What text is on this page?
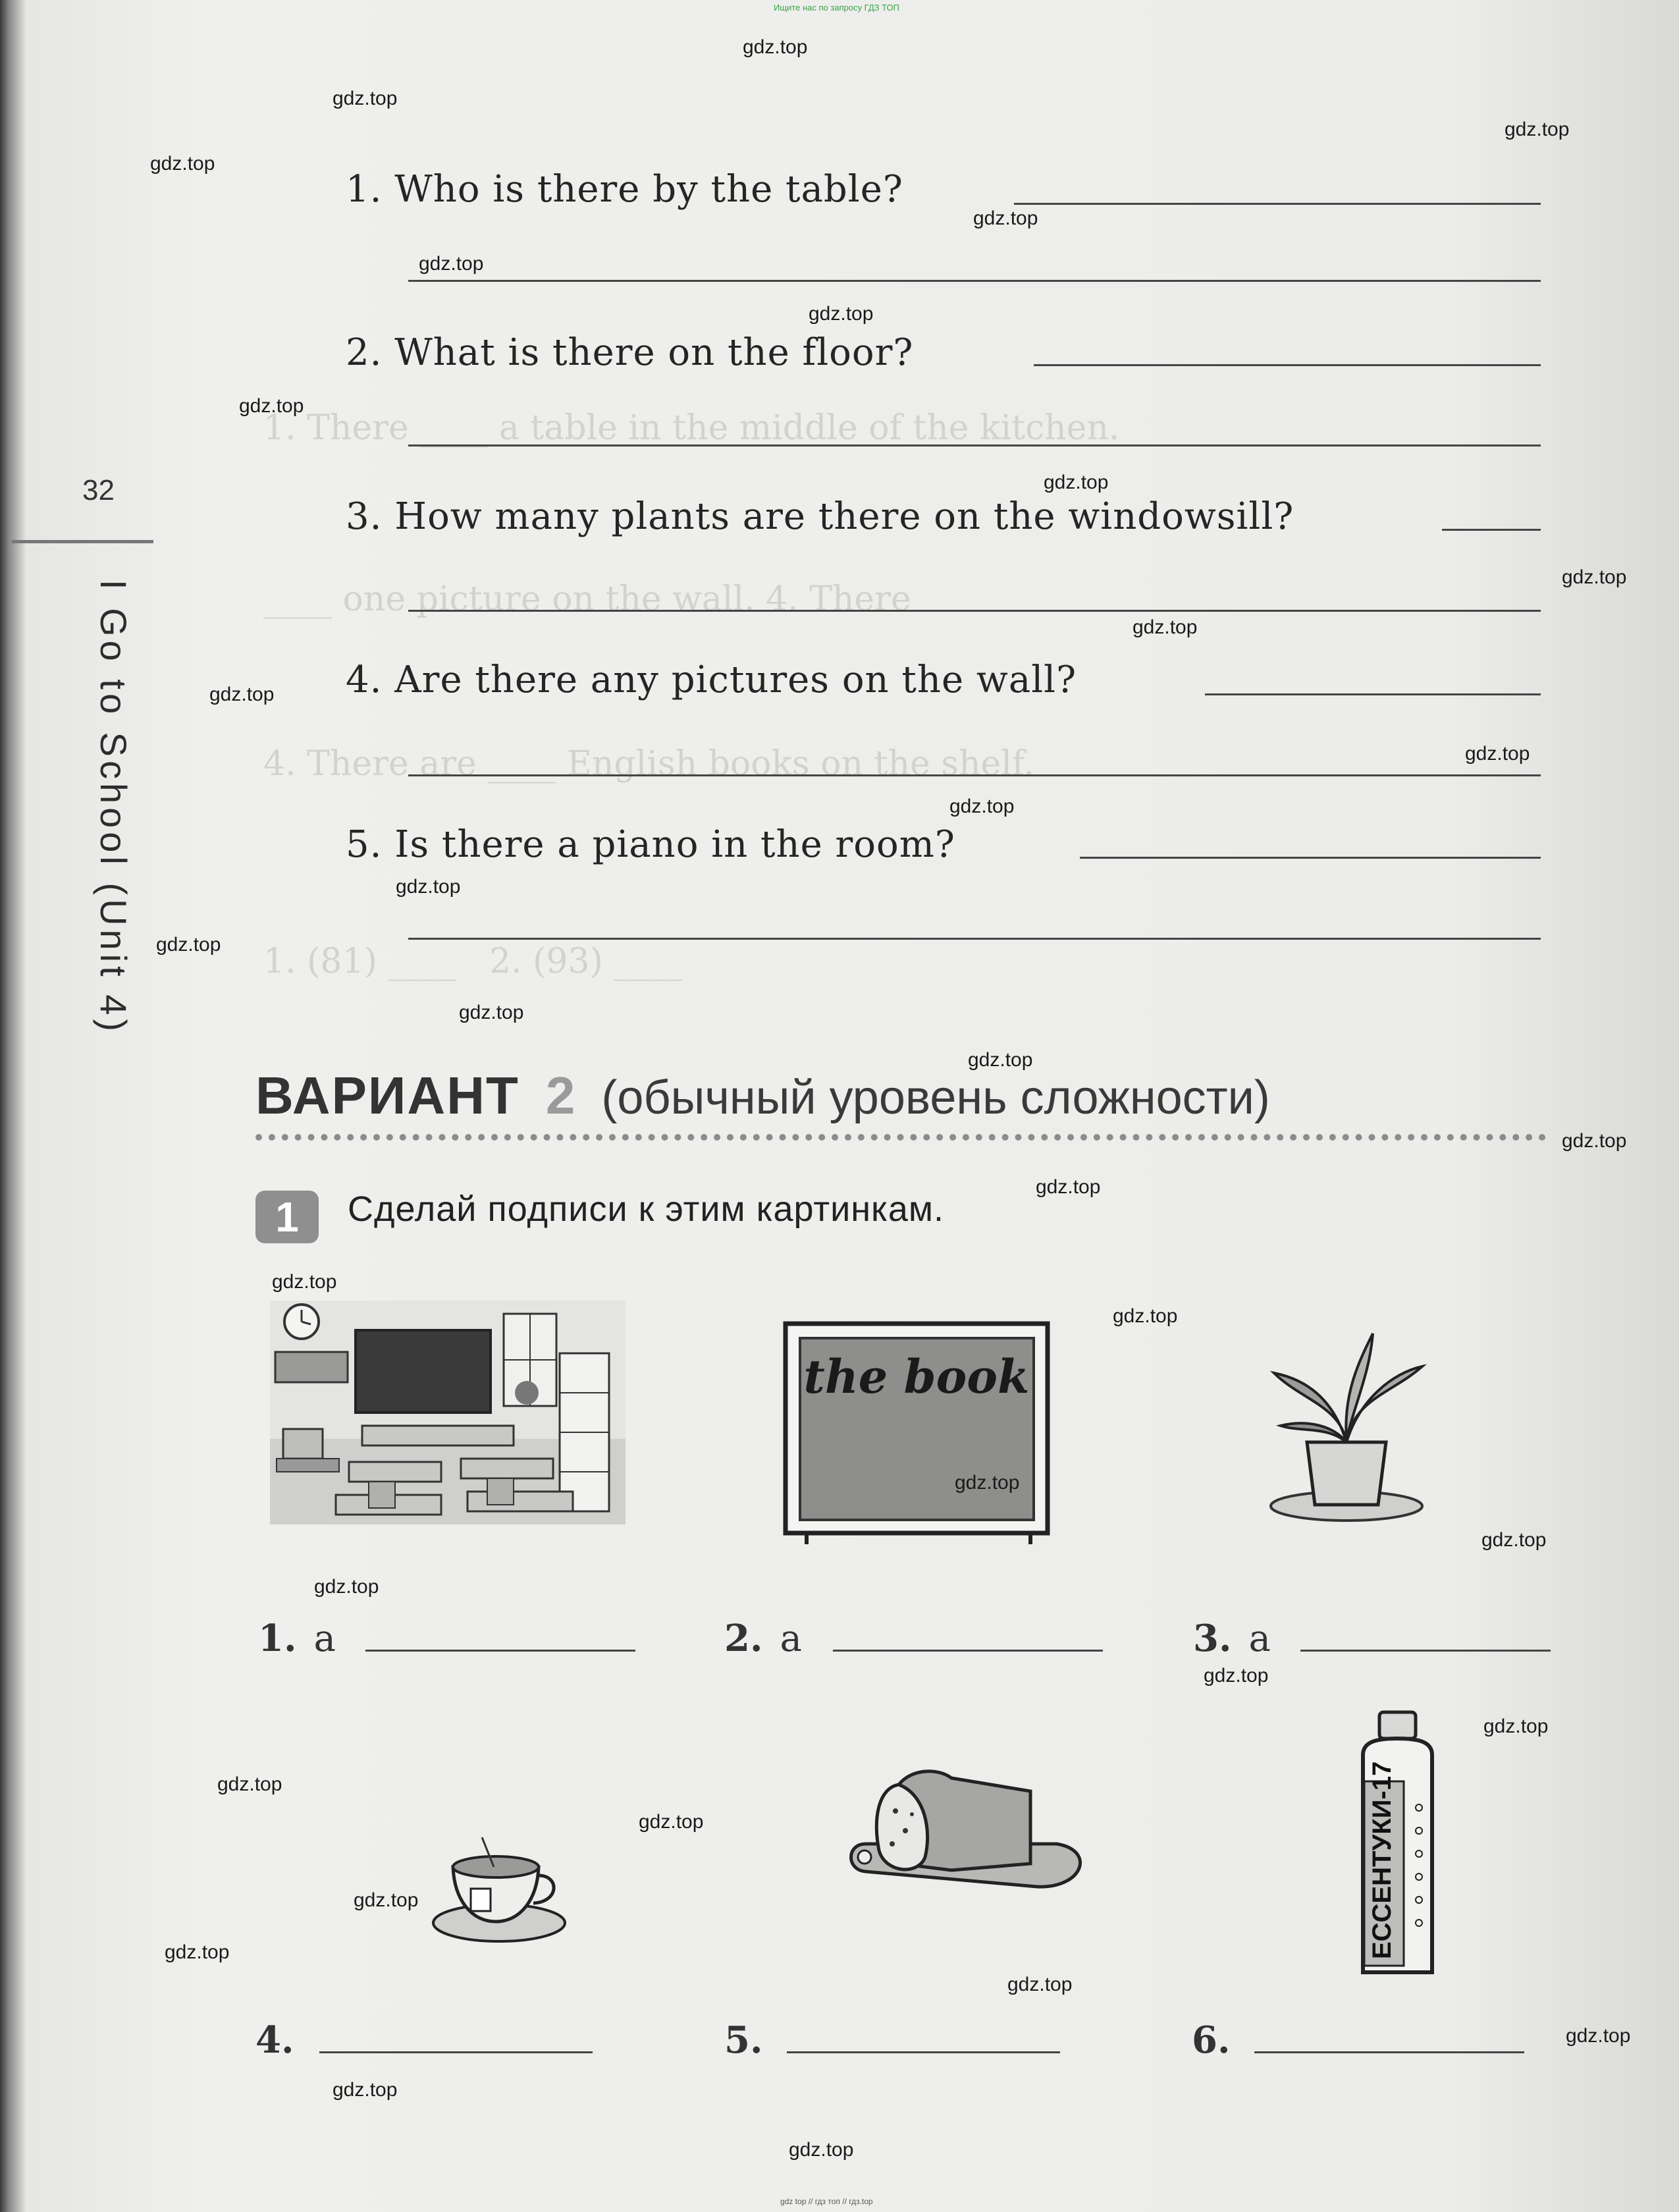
1. There ____ a table in the middle of the kitchen.
____ one picture on the wall. 4. There
4. There are ____ English books on the shelf.
1. (81) ____   2. (93) ____
Ищите нас по запросу ГДЗ ТОП
32
I Go to School (Unit 4)
1. Who is there by the table?
2. What is there on the floor?
3. How many plants are there on the windowsill?
4. Are there any pictures on the wall?
5. Is there a piano in the room?
ВАРИАНТ 2 (обычный уровень сложности)
1	Сделай подписи к этим картинкам.
the book
1. a	2. a	3. a
ЕССЕНТУКИ-17
4.	5.	6.
gdz top // гдз топ // гдз.top
gdz.top
gdz.top
gdz.top
gdz.top
gdz.top
gdz.top
gdz.top
gdz.top
gdz.top
gdz.top
gdz.top
gdz.top
gdz.top
gdz.top
gdz.top
gdz.top
gdz.top
gdz.top
gdz.top
gdz.top
gdz.top
gdz.top
gdz.top
gdz.top
gdz.top
gdz.top
gdz.top
gdz.top
gdz.top
gdz.top
gdz.top
gdz.top
gdz.top
gdz.top
gdz.top
